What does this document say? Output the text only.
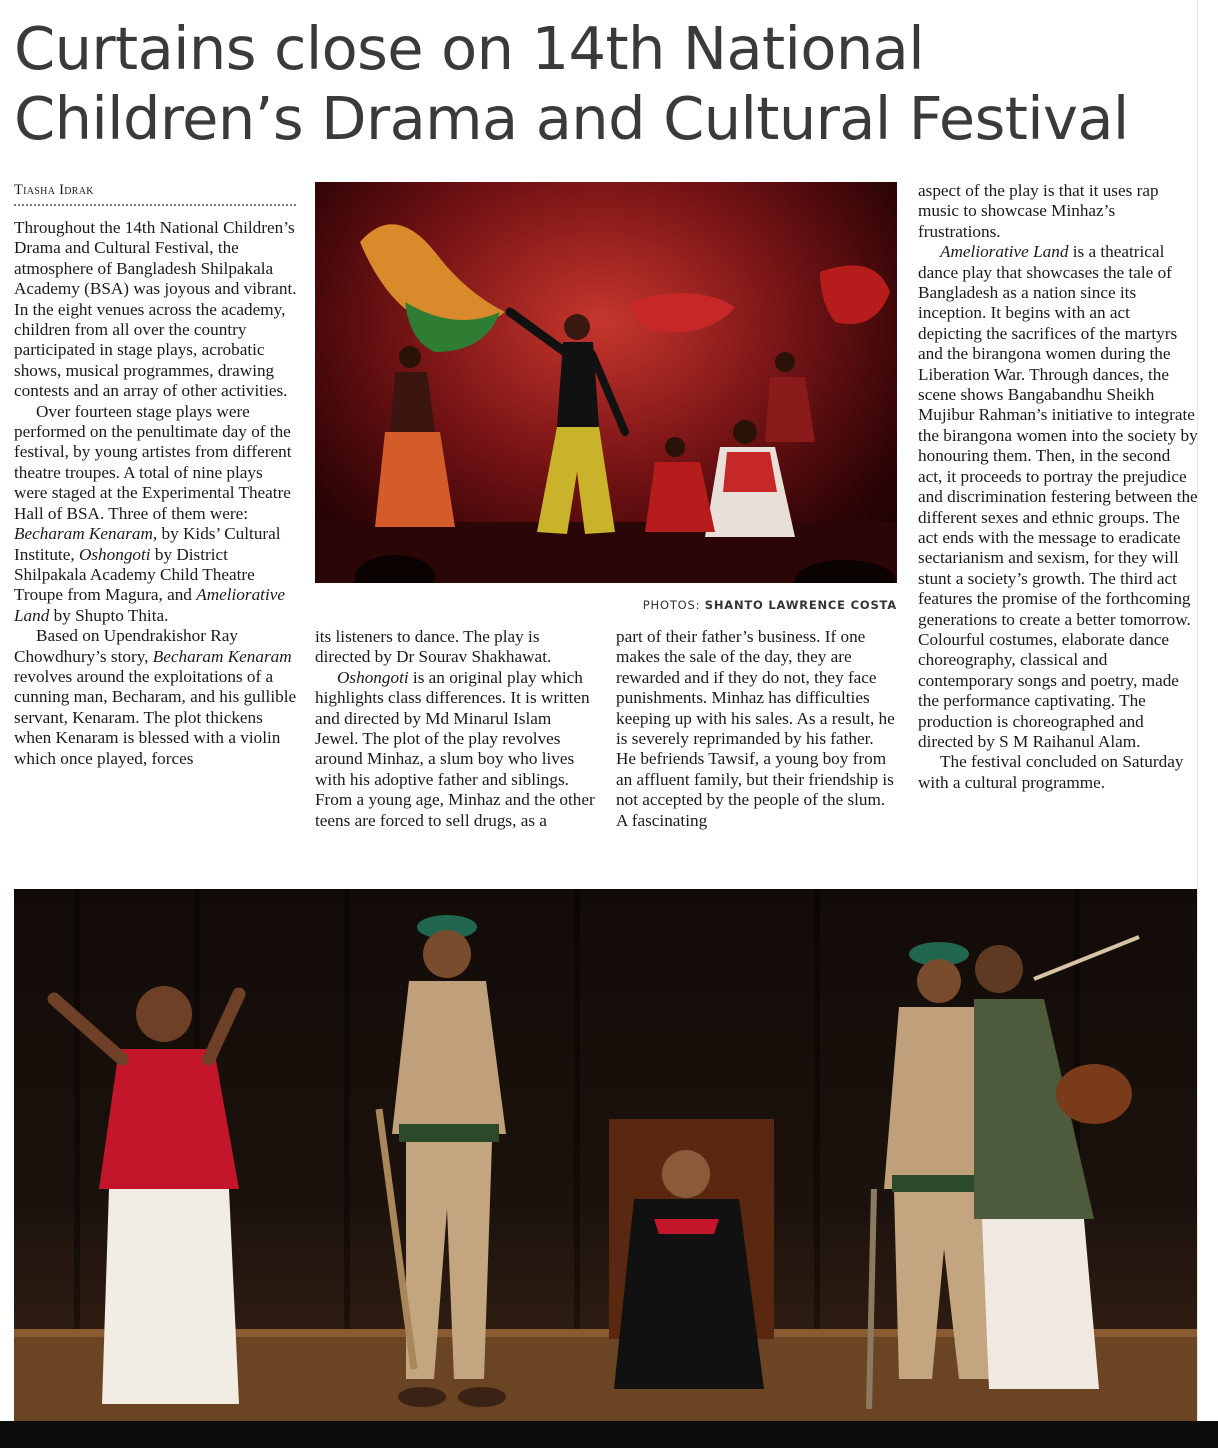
Curtains close on 14th National Children’s Drama and Cultural Festival
Tiasha Idrak
PHOTOS: SHANTO LAWRENCE COSTA

Throughout the 14th National Children’s Drama and Cultural Festival, the atmosphere of Bangladesh Shilpakala Academy (BSA) was joyous and vibrant. In the eight venues across the academy, children from all over the country participated in stage plays, acrobatic shows, musical programmes, drawing contests and an array of other activities.

Over fourteen stage plays were performed on the penultimate day of the festival, by young artistes from different theatre troupes. A total of nine plays were staged at the Experimental Theatre Hall of BSA. Three of them were: Becharam Kenaram, by Kids’ Cultural Institute, Oshongoti by District Shilpakala Academy Child Theatre Troupe from Magura, and Ameliorative Land by Shupto Thita.

Based on Upendrakishor Ray Chowdhury’s story, Becharam Kenaram revolves around the exploitations of a cunning man, Becharam, and his gullible servant, Kenaram. The plot thickens when Kenaram is blessed with a violin which once played, forces

its listeners to dance. The play is directed by Dr Sourav Shakhawat.

Oshongoti is an original play which highlights class differences. It is written and directed by Md Minarul Islam Jewel. The plot of the play revolves around Minhaz, a slum boy who lives with his adoptive father and siblings. From a young age, Minhaz and the other teens are forced to sell drugs, as a

part of their father’s business. If one makes the sale of the day, they are rewarded and if they do not, they face punishments. Minhaz has difficulties keeping up with his sales. As a result, he is severely reprimanded by his father. He befriends Tawsif, a young boy from an affluent family, but their friendship is not accepted by the people of the slum. A fascinating

aspect of the play is that it uses rap music to showcase Minhaz’s frustrations.

Ameliorative Land is a theatrical dance play that showcases the tale of Bangladesh as a nation since its inception. It begins with an act depicting the sacrifices of the martyrs and the birangona women during the Liberation War. Through dances, the scene shows Bangabandhu Sheikh Mujibur Rahman’s initiative to integrate the birangona women into the society by honouring them. Then, in the second act, it proceeds to portray the prejudice and discrimination festering between the different sexes and ethnic groups. The act ends with the message to eradicate sectarianism and sexism, for they will stunt a society’s growth. The third act features the promise of the forthcoming generations to create a better tomorrow. Colourful costumes, elaborate dance choreography, classical and contemporary songs and poetry, made the performance captivating. The production is choreographed and directed by S M Raihanul Alam.

The festival concluded on Saturday with a cultural programme.
